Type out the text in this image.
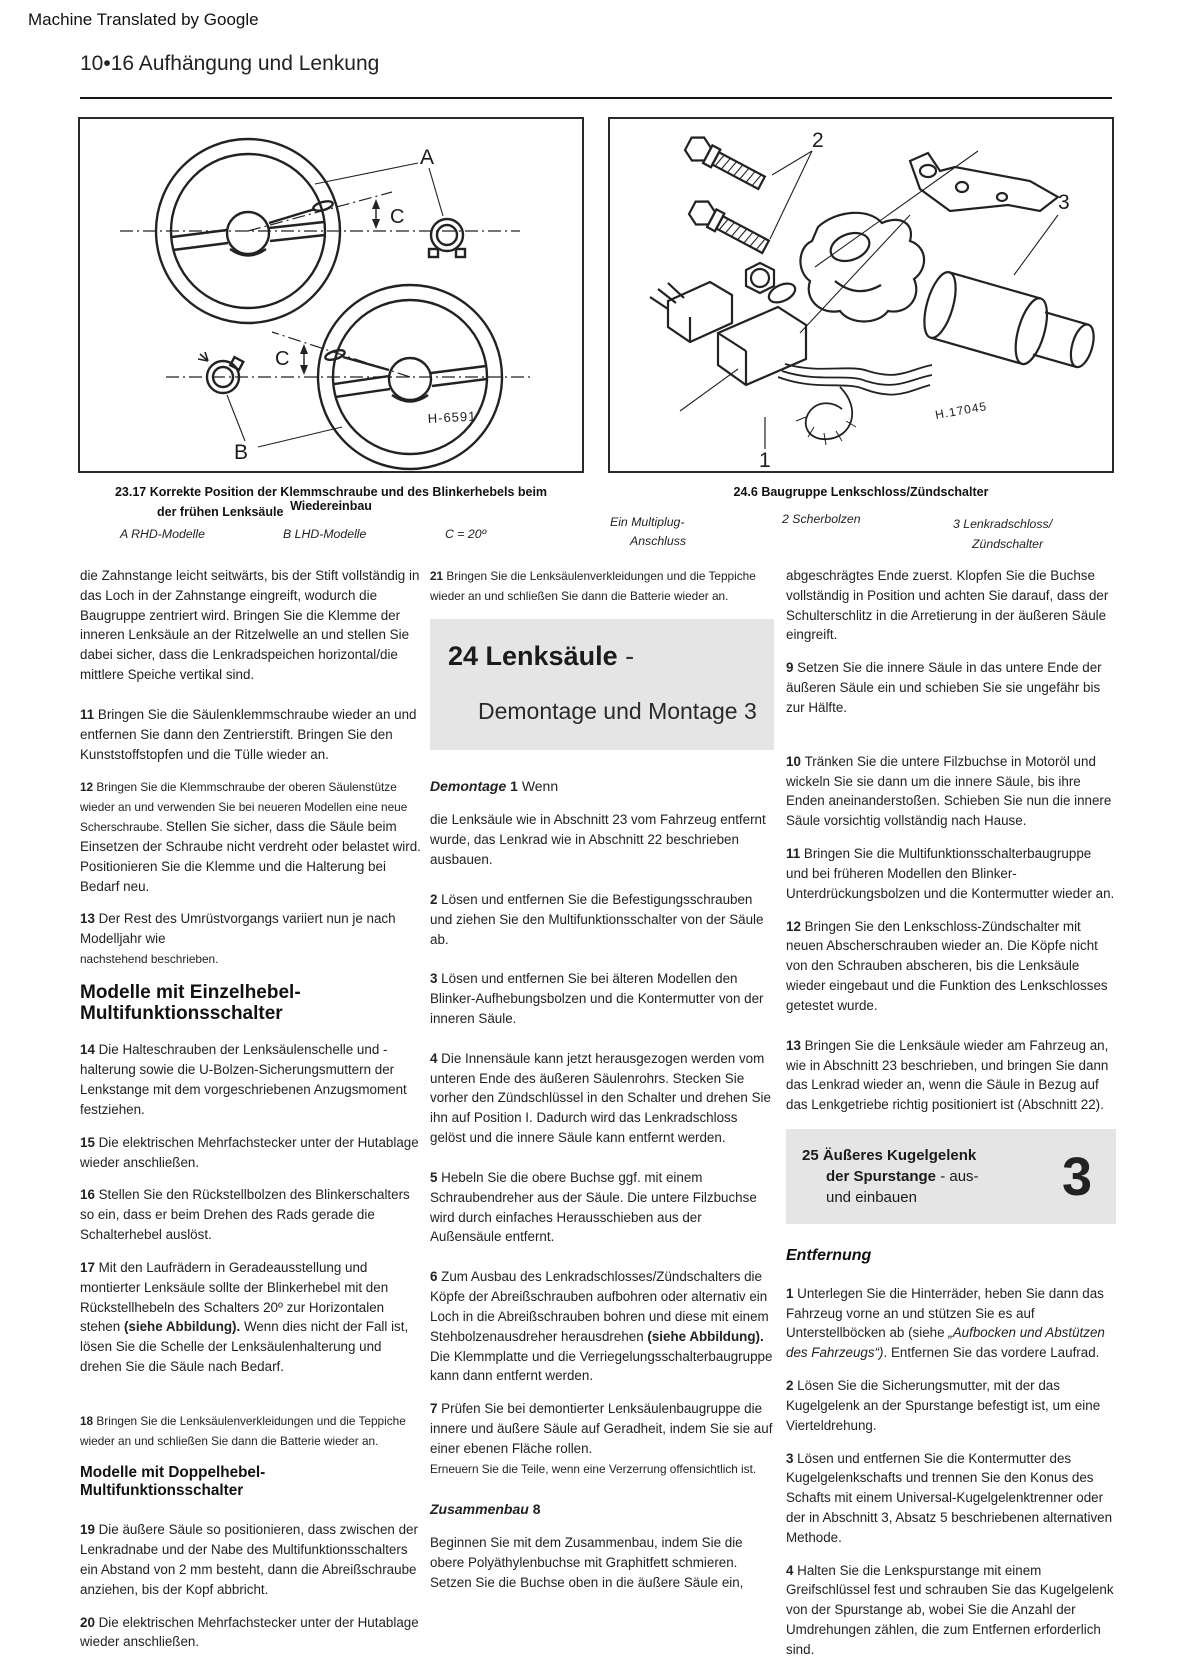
Machine Translated by Google
10•16 Aufhängung und Lenkung
A
C
C
B
H-6591
2
3
1
H.17045
23.17 Korrekte Position der Klemmschraube und des Blinkerhebels beim Wiedereinbau
der frühen Lenksäule
24.6 Baugruppe Lenkschloss/Zündschalter
A RHD-Modelle	B LHD-Modelle	C = 20º
Ein Multiplug-
Anschluss
2 Scherbolzen	3 Lenkradschloss/
Zündschalter

die Zahnstange leicht seitwärts, bis der Stift vollständig in das Loch in der Zahnstange eingreift, wodurch die Baugruppe zentriert wird. Bringen Sie die Klemme der inneren Lenksäule an der Ritzelwelle an und stellen Sie dabei sicher, dass die Lenkradspeichen horizontal/die mittlere Speiche vertikal sind.

11 Bringen Sie die Säulenklemmschraube wieder an und entfernen Sie dann den Zentrierstift. Bringen Sie den Kunststoffstopfen und die Tülle wieder an.

12 Bringen Sie die Klemmschraube der oberen Säulenstütze wieder an und verwenden Sie bei neueren Modellen eine neue Scherschraube. Stellen Sie sicher, dass die Säule beim Einsetzen der Schraube nicht verdreht oder belastet wird. Positionieren Sie die Klemme und die Halterung bei Bedarf neu.

13 Der Rest des Umrüstvorgangs variiert nun je nach Modelljahr wie
nachstehend beschrieben.

Modelle mit Einzelhebel-Multifunktionsschalter

14 Die Halteschrauben der Lenksäulenschelle und -halterung sowie die U-Bolzen-Sicherungsmuttern der Lenkstange mit dem vorgeschriebenen Anzugsmoment festziehen.

15 Die elektrischen Mehrfachstecker unter der Hutablage wieder anschließen.

16 Stellen Sie den Rückstellbolzen des Blinkerschalters so ein, dass er beim Drehen des Rads gerade die Schalterhebel auslöst.

17 Mit den Laufrädern in Geradeausstellung und montierter Lenksäule sollte der Blinkerhebel mit den Rückstellhebeln des Schalters 20º zur Horizontalen stehen (siehe Abbildung). Wenn dies nicht der Fall ist, lösen Sie die Schelle der Lenksäulenhalterung und drehen Sie die Säule nach Bedarf.

18 Bringen Sie die Lenksäulenverkleidungen und die Teppiche wieder an und schließen Sie dann die Batterie wieder an.

Modelle mit Doppelhebel-Multifunktionsschalter

19 Die äußere Säule so positionieren, dass zwischen der Lenkradnabe und der Nabe des Multifunktionsschalters ein Abstand von 2 mm besteht, dann die Abreißschraube anziehen, bis der Kopf abbricht.

20 Die elektrischen Mehrfachstecker unter der Hutablage wieder anschließen.

21 Bringen Sie die Lenksäulenverkleidungen und die Teppiche wieder an und schließen Sie dann die Batterie wieder an.

24 Lenksäule -
Demontage und Montage 3
Demontage 1 Wenn

die Lenksäule wie in Abschnitt 23 vom Fahrzeug entfernt wurde, das Lenkrad wie in Abschnitt 22 beschrieben ausbauen.

2 Lösen und entfernen Sie die Befestigungsschrauben und ziehen Sie den Multifunktionsschalter von der Säule ab.

3 Lösen und entfernen Sie bei älteren Modellen den Blinker-Aufhebungsbolzen und die Kontermutter von der inneren Säule.

4 Die Innensäule kann jetzt herausgezogen werden vom unteren Ende des äußeren Säulenrohrs. Stecken Sie vorher den Zündschlüssel in den Schalter und drehen Sie ihn auf Position I. Dadurch wird das Lenkradschloss gelöst und die innere Säule kann entfernt werden.

5 Hebeln Sie die obere Buchse ggf. mit einem Schraubendreher aus der Säule. Die untere Filzbuchse wird durch einfaches Herausschieben aus der Außensäule entfernt.

6 Zum Ausbau des Lenkradschlosses/Zündschalters die Köpfe der Abreißschrauben aufbohren oder alternativ ein Loch in die Abreißschrauben bohren und diese mit einem Stehbolzenausdreher herausdrehen (siehe Abbildung).
Die Klemmplatte und die Verriegelungsschalterbaugruppe kann dann entfernt werden.

7 Prüfen Sie bei demontierter Lenksäulenbaugruppe die innere und äußere Säule auf Geradheit, indem Sie sie auf einer ebenen Fläche rollen.
Erneuern Sie die Teile, wenn eine Verzerrung offensichtlich ist.

Zusammenbau 8

Beginnen Sie mit dem Zusammenbau, indem Sie die obere Polyäthylenbuchse mit Graphitfett schmieren. Setzen Sie die Buchse oben in die äußere Säule ein,

abgeschrägtes Ende zuerst. Klopfen Sie die Buchse vollständig in Position und achten Sie darauf, dass der Schulterschlitz in die Arretierung in der äußeren Säule eingreift.

9 Setzen Sie die innere Säule in das untere Ende der äußeren Säule ein und schieben Sie sie ungefähr bis zur Hälfte.

10 Tränken Sie die untere Filzbuchse in Motoröl und wickeln Sie sie dann um die innere Säule, bis ihre Enden aneinanderstoßen. Schieben Sie nun die innere Säule vorsichtig vollständig nach Hause.

11 Bringen Sie die Multifunktionsschalterbaugruppe und bei früheren Modellen den Blinker-Unterdrückungsbolzen und die Kontermutter wieder an.

12 Bringen Sie den Lenkschloss-Zündschalter mit neuen Abscherschrauben wieder an. Die Köpfe nicht von den Schrauben abscheren, bis die Lenksäule wieder eingebaut und die Funktion des Lenkschlosses getestet wurde.

13 Bringen Sie die Lenksäule wieder am Fahrzeug an, wie in Abschnitt 23 beschrieben, und bringen Sie dann das Lenkrad wieder an, wenn die Säule in Bezug auf das Lenkgetriebe richtig positioniert ist (Abschnitt 22).

25 Äußeres Kugelgelenk
der Spurstange - aus-
und einbauen	3
Entfernung

1 Unterlegen Sie die Hinterräder, heben Sie dann das Fahrzeug vorne an und stützen Sie es auf Unterstellböcken ab (siehe „Aufbocken und Abstützen des Fahrzeugs“). Entfernen Sie das vordere Laufrad.

2 Lösen Sie die Sicherungsmutter, mit der das Kugelgelenk an der Spurstange befestigt ist, um eine Vierteldrehung.

3 Lösen und entfernen Sie die Kontermutter des Kugelgelenkschafts und trennen Sie den Konus des Schafts mit einem Universal-Kugelgelenktrenner oder der in Abschnitt 3, Absatz 5 beschriebenen alternativen Methode.

4 Halten Sie die Lenkspurstange mit einem Greifschlüssel fest und schrauben Sie das Kugelgelenk von der Spurstange ab, wobei Sie die Anzahl der Umdrehungen zählen, die zum Entfernen erforderlich sind.
